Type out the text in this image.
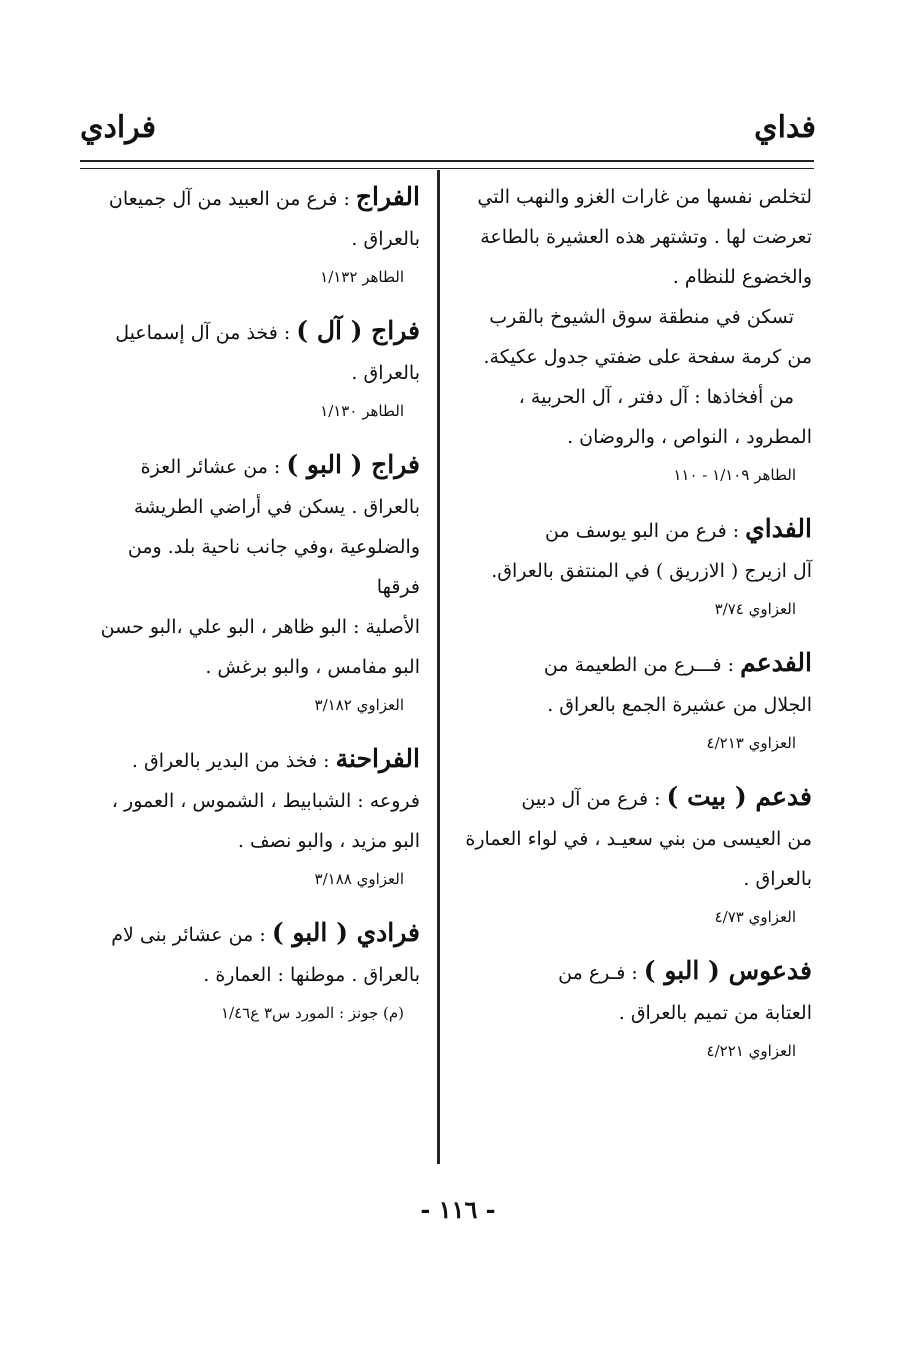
فداي
فرادي

لتخلص نفسها من غارات الغزو والنهب التي

تعرضت لها . وتشتهر هذه العشيرة بالطاعة

والخضوع للنظام .

تسكن في منطقة سوق الشيوخ بالقرب

من كرمة سفحة على ضفتي جدول عكيكة.

من أفخاذها : آل دفتر ، آل الحربية ،

المطرود ، النواص ، والروضان .

الطاهر ١/١٠٩ - ١١٠

الفداي : فرع من البو يوسف من

آل ازيرج ( الازريق ) في المنتفق بالعراق.

العزاوي ٣/٧٤

الفدعم : فـــرع من الطعيمة من

الجلال من عشيرة الجمع بالعراق .

العزاوي ٤/٢١٣

فدعم ( بيت ) : فرع من آل دبين

من العيسى من بني سعيـد ، في لواء العمارة

بالعراق .

العزاوي ٤/٧٣

فدعوس ( البو ) : فـرع من

العتابة من تميم بالعراق .

العزاوي ٤/٢٢١

الفراج : فرع من العبيد من آل جميعان

بالعراق .

الطاهر ١/١٣٢

فراج ( آل ) : فخذ من آل إسماعيل

بالعراق .

الطاهر ١/١٣٠

فراج ( البو ) : من عشائر العزة

بالعراق . يسكن في أراضي الطريشة

والضلوعية ،وفي جانب ناحية بلد. ومن فرقها

الأصلية : البو ظاهر ، البو علي ،البو حسن

البو مفامس ، والبو برغش .

العزاوي ٣/١٨٢

الفراحنة : فخذ من البدير بالعراق .

فروعه : الشبابيط ، الشموس ، العمور ،

البو مزيد ، والبو نصف .

العزاوي ٣/١٨٨

فرادي ( البو ) : من عشائر بنى لام

بالعراق . موطنها : العمارة .

(م) جونز : المورد س٣ ع١/٤٦

- ١١٦ -
